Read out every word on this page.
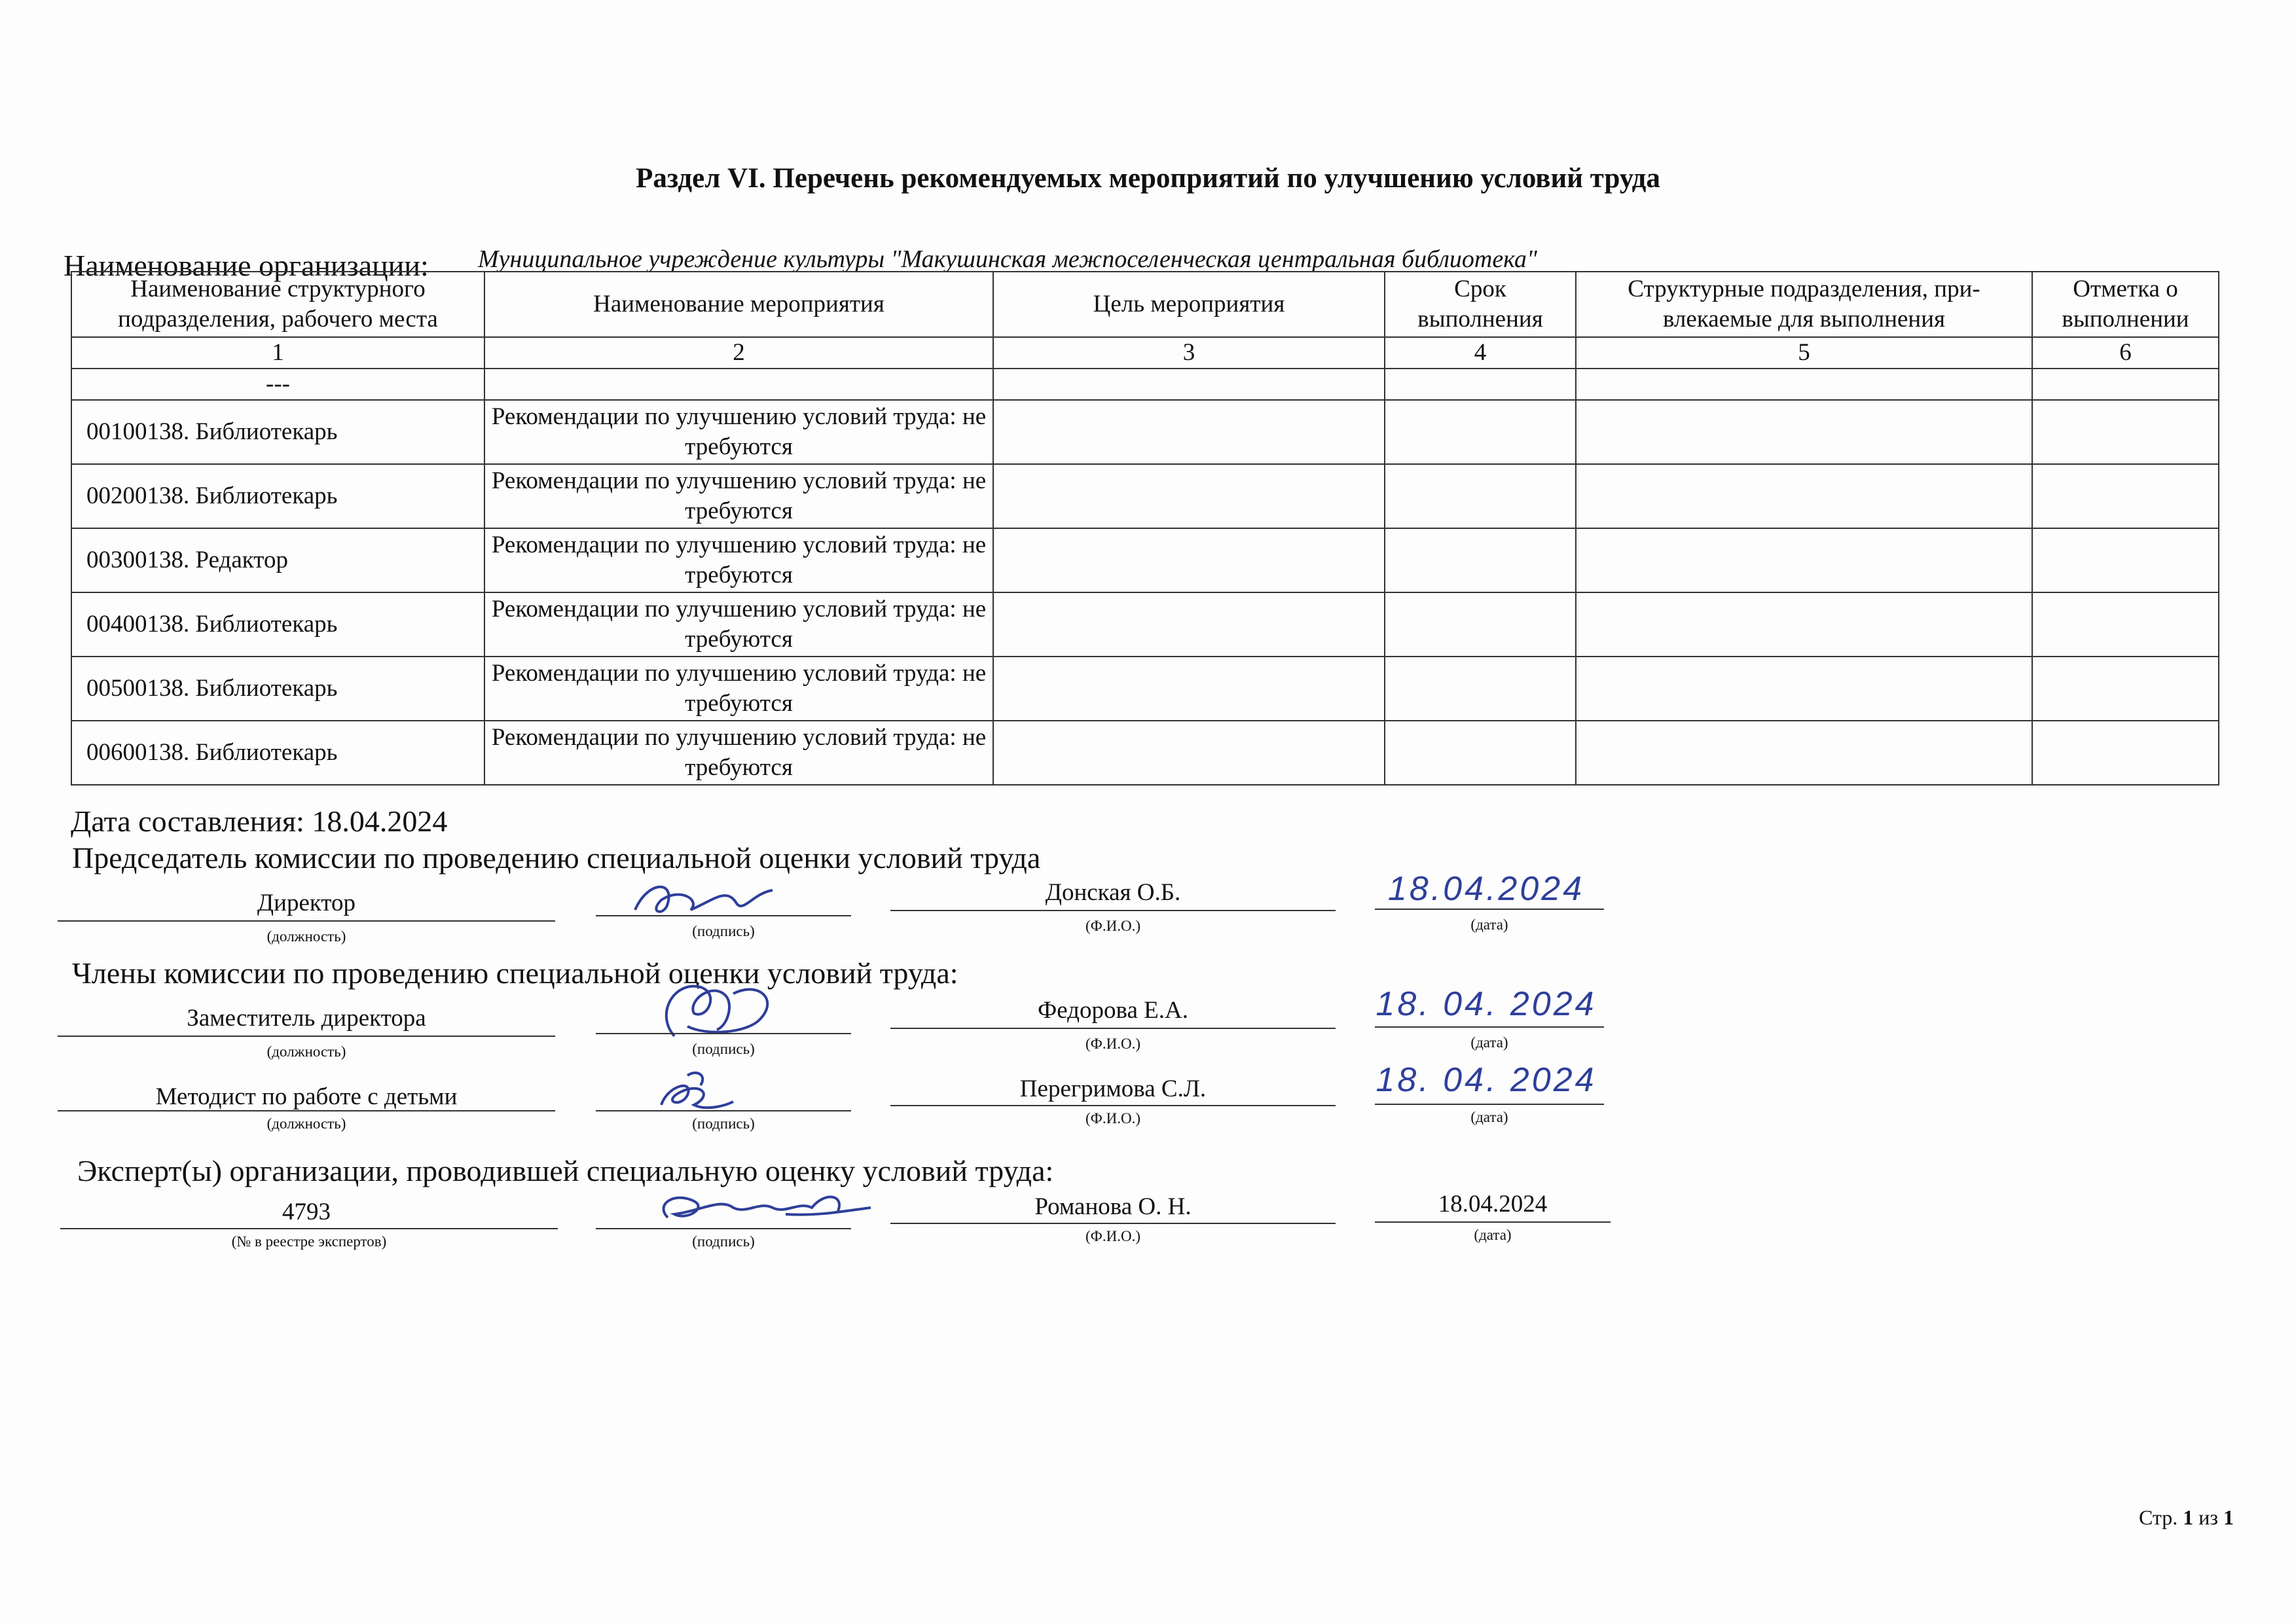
Раздел VI. Перечень рекомендуемых мероприятий по улучшению условий труда
Наименование организации: Муниципальное учреждение культуры "Макушинская межпоселенческая центральная библиотека"
Наименование структурного подразделения, рабочего места	Наименование мероприятия	Цель мероприятия	Срок выполнения	Структурные подразделения, при-влекаемые для выполнения	Отметка о выполнении
1	2	3	4	5	6
---					
00100138. Библиотекарь	Рекомендации по улучшению условий труда: не требуются				
00200138. Библиотекарь	Рекомендации по улучшению условий труда: не требуются				
00300138. Редактор	Рекомендации по улучшению условий труда: не требуются				
00400138. Библиотекарь	Рекомендации по улучшению условий труда: не требуются				
00500138. Библиотекарь	Рекомендации по улучшению условий труда: не требуются				
00600138. Библиотекарь	Рекомендации по улучшению условий труда: не требуются				
Дата составления: 18.04.2024
Председатель комиссии по проведению специальной оценки условий труда
Директор
(должность)	(подпись)
Донская О.Б.
(Ф.И.О.)
18.04.2024
(дата)
Члены комиссии по проведению специальной оценки условий труда:
Заместитель директора
(должность)	(подпись)
Федорова Е.А.
(Ф.И.О.)
18. 04. 2024
(дата)
Методист по работе с детьми
(должность)	(подпись)
Перегримова С.Л.
(Ф.И.О.)
18. 04. 2024
(дата)
Эксперт(ы) организации, проводившей специальную оценку условий труда:
4793
(№ в реестре экспертов)	(подпись)
Романова О. Н.
(Ф.И.О.)
18.04.2024
(дата)
Стр. 1 из 1
